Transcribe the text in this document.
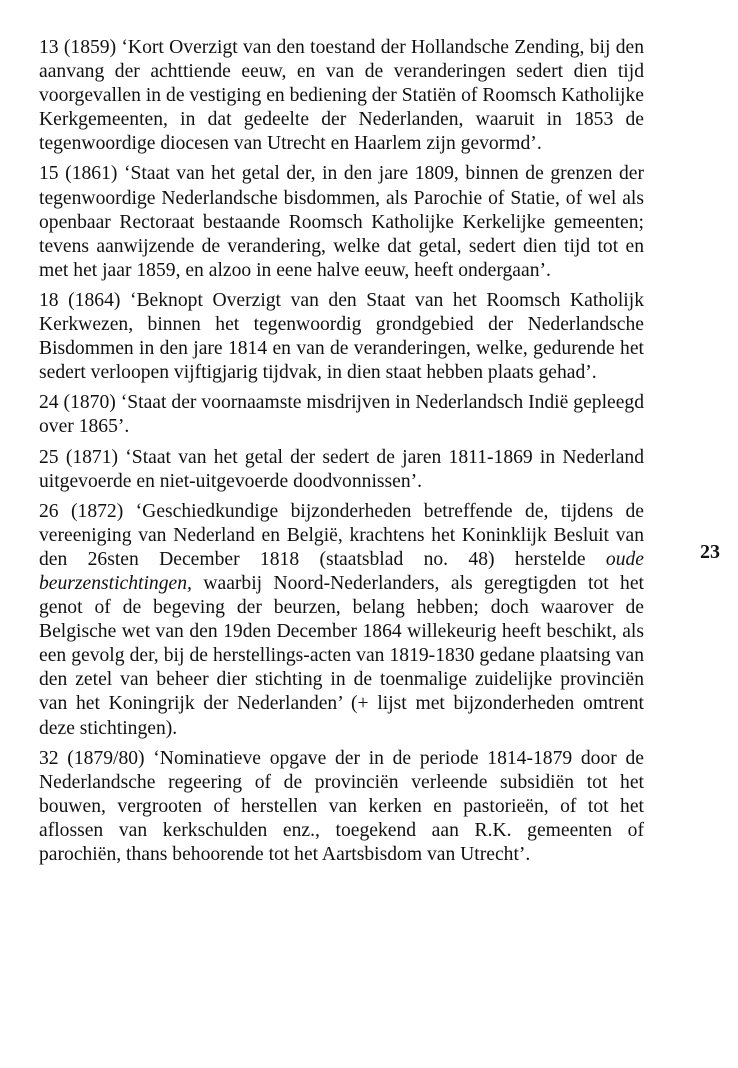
13 (1859) ‘Kort Overzigt van den toestand der Hollandsche Zending, bij den aanvang der achttiende eeuw, en van de veranderingen sedert dien tijd voorgevallen in de vestiging en bediening der Statiën of Roomsch Katholijke Kerkgemeenten, in dat gedeelte der Nederlanden, waaruit in 1853 de tegenwoordige diocesen van Utrecht en Haarlem zijn gevormd’.

15 (1861) ‘Staat van het getal der, in den jare 1809, binnen de grenzen der tegenwoordige Nederlandsche bisdommen, als Parochie of Statie, of wel als openbaar Rectoraat bestaande Roomsch Katholijke Kerkelijke gemeenten; tevens aanwijzende de verandering, welke dat getal, sedert dien tijd tot en met het jaar 1859, en alzoo in eene halve eeuw, heeft ondergaan’.

18 (1864) ‘Beknopt Overzigt van den Staat van het Roomsch Katholijk Kerkwezen, binnen het tegenwoordig grondgebied der Nederlandsche Bisdommen in den jare 1814 en van de veranderingen, welke, gedurende het sedert verloopen vijftigjarig tijdvak, in dien staat hebben plaats gehad’.

24 (1870) ‘Staat der voornaamste misdrijven in Nederlandsch Indië gepleegd over 1865’.

25 (1871) ‘Staat van het getal der sedert de jaren 1811-1869 in Nederland uitgevoerde en niet-uitgevoerde doodvonnissen’.

26 (1872) ‘Geschiedkundige bijzonderheden betreffende de, tijdens de vereeniging van Nederland en België, krachtens het Koninklijk Besluit van den 26sten December 1818 (staatsblad no. 48) herstelde oude beurzenstichtingen, waarbij Noord-Nederlanders, als geregtigden tot het genot of de begeving der beurzen, belang hebben; doch waarover de Belgische wet van den 19den December 1864 willekeurig heeft beschikt, als een gevolg der, bij de herstellings-acten van 1819-1830 gedane plaatsing van den zetel van beheer dier stichting in de toenmalige zuidelijke provinciën van het Koningrijk der Nederlanden’ (+ lijst met bijzonderheden omtrent deze stichtingen).

32 (1879/80) ‘Nominatieve opgave der in de periode 1814-1879 door de Nederlandsche regeering of de provinciën verleende subsidiën tot het bouwen, vergrooten of herstellen van kerken en pastorieën, of tot het aflossen van kerkschulden enz., toegekend aan R.K. gemeenten of parochiën, thans behoorende tot het Aartsbisdom van Utrecht’.

23
